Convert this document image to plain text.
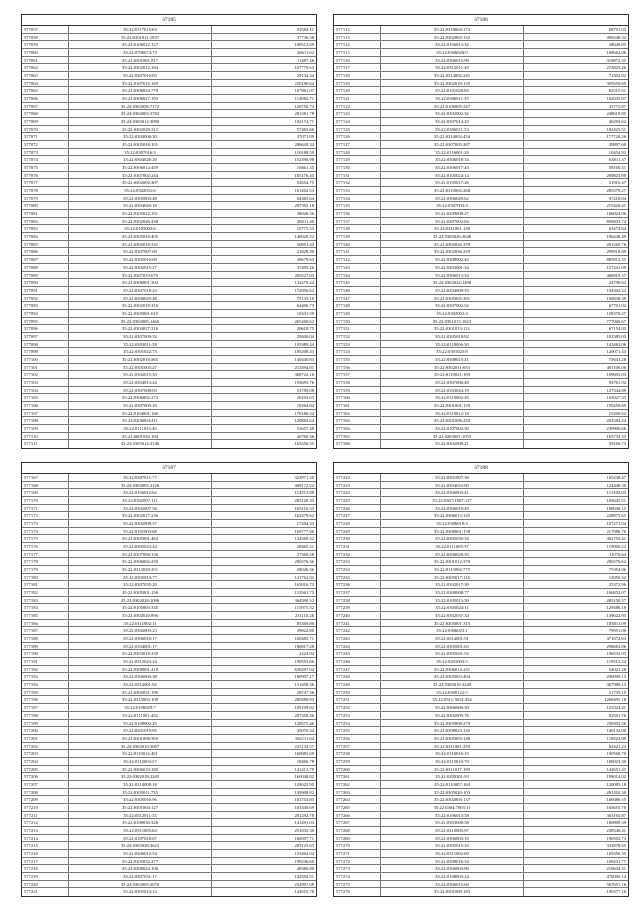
37185
577057	35:22:0117015:63	92594.11
577058	35:22:0201011:1837	37736.38
577059	35:22:0106022:127	100512.69
577060	35:22:0706074:73	26611.62
577061	35:22:0301001:817	11487.46
577062	35:22:0302012:184	107770.63
577063	35:22:0207010:83	29134.34
577064	35:22:0107016:160	220190.64
577065	35:22:0306024:778	107861.07
577066	35:22:0306027:193	114682.71
577067	35:22:0302058:7172	126750.73
577068	35:22:0302003:3784	281281.78
577069	35:22:0305012:3090	102174.71
577070	35:22:0302029:313	57465.66
577071	35:22:0304006:30	37071.09
577072	35:22:0305018:101	286649.34
577073	35:22:0307016:3	110188.59
577074	35:22:0304026:20	152396.98
577075	35:22:0306014:459	10461.35
577076	35:22:0307002:244	185176.43
577077	35:22:0302002:307	52654.75
577078	35:22:0302031:6	161202.53
577079	35:22:0305003:48	64365.64
577080	35:22:0304026:18	297592.18
577081	35:22:0305022:351	38026.36
577082	35:22:0302026:438	28411.40
577083	35:22:0105003:6	10775.53
577084	35:22:0305018:405	140028.52
577085	35:22:0302018:341	50851.44
577086	35:22:0307007:69	21629.30
577087	35:22:0305010:69	30679.63
577088	35:22:0302015:27	37495.26
577089	35:22:0307019:679	205527.63
577090	35:22:0306001:302	132270.24
577091	35:22:0307018:23	172956.63
577092	35:22:0306025:48	75133.10
577093	35:22:0302018:316	64406.73
577094	35:22:0305001:619	10331.59
577095	35:22:0302005:1460	265260.62
577096	35:22:0304027:216	20618.75
577097	35:22:0307009:32	29400.04
577098	35:22:0303011:58	105389.44
577099	35:22:0301022:75	185208.43
577100	35:22:0302018:565	140440.83
577101	35:22:0301003:27	213594.81
577102	35:22:0302015:33	360722.16
577103	35:22:0304013:24	195695.76
577104	35:22:0307008:03	53759.08
577105	35:22:0306002:272	26103.63
577106	35:22:0307005:29	18264.84
577107	35:22:0104001:186	176186.34
577108	35:22:0206004:411	120882.64
577109	35:22:0111015:40	53657.48
577110	35:22:0601026:104	46760.36
577111	35:22:0305014:2146	165456.55
37186
577112	35:22:0310004:172	68791.03
577113	35:22:0302003:152	496548.32
577114	35:22:0106013:32	38049.85
577115	35:22:0306026:9	168662.06
577116	35:22:0306015:99	316872.35
577117	35:22:0312011:20	272825.26
577118	35:22:0314002:241	71502.82
577119	35:22:0302019:135	305650.69
577120	35:22:0101028:83	62515.61
577121	35:22:0306011:35	162035.87
577122	35:22:0106005:247	33775.87
577123	35:22:0302002:32	248619.85
577124	35:22:0307014:23	46293.62
577125	35:22:0306011:53	183425.51
577126	35:22:0314002:434	177728.26
577127	35:22:0307005:287	20897.60
577128	35:22:0116001:29	10454.93
577129	35:22:0306018:34	63811.37
577130	35:22:0306017:43	58160.31
577131	35:22:0105024:14	209823.88
577132	35:22:0105017:26	31910.47
577133	35:22:0310002:268	285379.27
577134	35:22:0306029:62	97210.04
577135	35:22:0307003:3	215420.41
577136	35:22:0209008:27	166024.86
577137	35:22:0207002:84	856833.74
577138	35:22:0311001:138	63474.64
577139	35:22:0305026:3648	196448.49
577140	35:22:0302026:378	201260.76
577141	35:22:0302036:259	299918.89
577142	35:22:0308002:42	885812.35
577143	35:22:0203001:34	157241.09
577144	35:22:0306013:34	460818.37
577145	35:22:0302024:1498	24790.63
577146	35:22:0304008:33	194302.23
577147	35:22:0305005:301	100838.39
577148	35:22:0307002:52	67701.02
577149	35:22:0302002:3	158370.27
577150	35:22:0301013:1823	777066.67
577151	35:22:0301013:121	67154.03
577152	35:22:0305018:82	182385.03
577153	35:22:0118006:30	143463.06
577154	35:22:0301025:8	120071.43
577155	35:22:0308015:41	75641.28
577156	35:22:0302011:653	401106.06
577157	35:22:0110021:109	109693.03
577158	35:22:0307006:40	93761.92
577159	35:22:0103024:19	127344.89
577160	35:22:0110002:30	165027.33
577161	35:22:0301001:159	195250.69
577162	35:22:0110012:18	15200.62
577163	35:22:0301006:220	202584.24
577164	35:22:0107002:50	239900.66
577165	35:22:0203001:1053	165733.33
577166	35:22:0302008:21	39166.73
37187
577167	35:22:0307011:77	323971.20
577168	35:22:0302005:2126	409172.52
577169	35:22:0106012:62	114513.88
577170	35:22:0302007:111	285120.33
577171	35:22:0302007:56	165116.33
577172	35:22:0302017:236	162379.62
577173	35:22:0302008:37	17204.33
577174	35:22:0101003:68	169777.90
577175	35:22:0305001:463	134569.52
577176	35:22:0305023:44	28465.21
577177	35:22:0307008:136	37560.28
577178	35:22:0306002:250	290276.36
577179	35:22:0312029:351	28026.36
577180	35:22:0305013:77	141762.03
577181	35:22:0307035:29	165816.73
577182	35:22:0305001:156	113561.73
577183	35:22:0302028:1096	364390.32
577184	35:22:0105003:335	115975.52
577185	35:22:0302020:896	231116.26
577186	35:22:0111002:11	85369.80
577187	35:22:0302003:23	39822.80
577188	35:22:0306010:17	100485.71
577189	35:22:0104001:17	180817.28
577190	35:22:0303018:339	2224.84
577191	35:22:0312024:24	190553.66
577192	35:22:0308001:419	630297.04
577193	35:22:0306006:38	180997.27
577194	35:22:0314001:82	131409.36
577195	35:22:0302031:196	28747.36
577196	35:22:0315003:100	280480.83
577197	35:22:0106029:7	185109.82
577198	35:22:0111001:452	207358.46
577199	35:22:0108002:25	128575.46
577200	35:22:0301019:95	45070.34
577201	35:22:0301008:369	162111.64
577202	35:22:0302019:3067	225133.57
577203	35:22:0110012:461	160085.69
577204	35:22:0112003:57	18466.78
577205	35:22:0306010:180	141413.79
577206	35:22:0302018:2265	160048.82
577207	35:22:0314008:18	129025.95
577208	35:22:0305011:735	139908.82
577209	35:22:0305016:96	163753.83
577210	35:22:0301004:127	103330.69
577211	35:22:0312011:35	281292.78
577212	35:22:0108030:326	141291.03
577213	35:22:0311005:64	251035.30
577214	35:22:0107018:67	166597.71
577215	35:22:0305028:3623	205125.63
577216	35:22:0206012:54	153462.04
577217	35:22:0305032:277	199236.60
577218	35:22:0308024:100	49380.80
577219	35:22:0307031:17	142592.51
577220	35:22:0302005:2070	232997.08
577221	35:22:0305014:14	142610.78
37188
577222	35:22:0301007:30	165238.47
577223	35:22:0304033:80	124448.30
577224	35:22:0306003:41	113103.03
577225	35:22:0307:1007:137	185645.51
577226	35:22:0306019:49	180046.15
577227	35:22:0306013:145	228875.65
577228	35:22:0306019:3	107271.04
577229	35:22:0308001:158	217986.70
577230	35:22:0305030:34	362753.41
577231	35:22:0111005:37	119000.23
577232	35:22:0306028:35	11070.64
577233	35:22:0301012:370	290276.62
577234	35:22:0115004:775	75354.06
577235	35:22:0305017:116	12050.32
577236	35:22:0302017:30	25372.96
577237	35:22:0300008:77	106852.07
577238	35:22:0105013:30	285150.37
577239	35:22:0305024:11	129480.18
577240	35:22:0302037:34	139622.93
577241	35:22:0305001:313	183811.09
577242	35:22:0306023:1	79951.00
577243	35:22:0314001:91	471672.63
577244	35:22:0305001:63	298663.86
577245	35:22:0305031:52	196532.93
577246	35:22:0201003:5	119513.24
577247	35:22:0306014:231	54021.28
577248	35:22:0305003:404	290099.13
577249	35:22:0305018:3249	367980.13
577250	35:22:0308122:5	21733.10
577251	35:22:0311:3014:354	1268495.18
577252	35:22:0306006:30	125324.41
577253	35:22:0302005:76	82591.76
577254	35:22:0305008:279	230302.36
577255	35:22:0308023:145	140132.00
577256	35:22:0305003:148	118523.99
577257	35:22:0311001:259	62421.23
577258	35:22:0116016:15	190560.70
577259	35:22:0115010:70	100023.30
577260	35:22:0311017:199	143651.43
577261	35:22:0209301:93	198014.02
577262	35:22:0110007:164	120085.18
577263	35:22:0305020:103	291202.30
577264	35:22:0302003:137	160086.55
577265	35:22:0304:7003:11	165655.70
577266	35:22:0106013:58	363165.87
577267	35:22:0303008:58	180809.39
577268	35:22:0310005:97	238546.41
577269	35:22:0306003:10	190502.73
577270	35:22:0305015:33	333878.65
577271	35:22:0311002:60	165350.35
577272	35:22:0308016:34	109231.77
577273	35:22:0306004:80	210634.31
577274	35:22:0108003:24	476090.14
577275	35:22:0306015:60	567651.16
577276	35:22:0301009:183	190377.16
